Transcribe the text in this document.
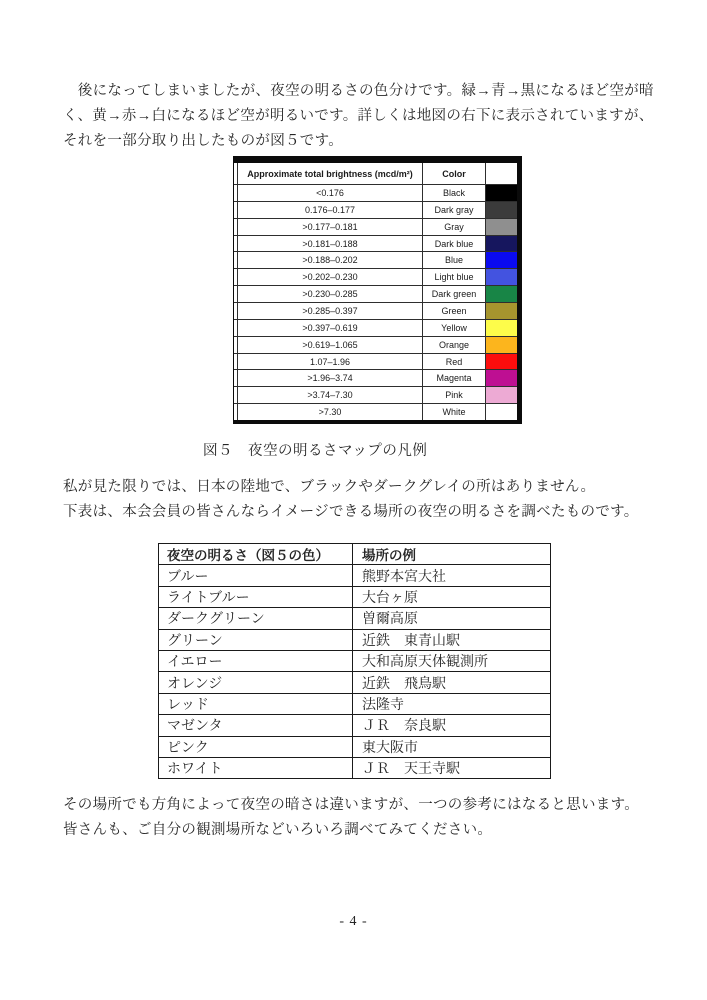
　後になってしまいましたが、夜空の明るさの色分けです。緑→青→黒になるほど空が暗
く、黄→赤→白になるほど空が明るいです。詳しくは地図の右下に表示されていますが、
それを一部分取り出したものが図５です。
Approximate total brightness (mcd/m²)	Color
<0.176	Black
0.176–0.177	Dark gray
>0.177–0.181	Gray
>0.181–0.188	Dark blue
>0.188–0.202	Blue
>0.202–0.230	Light blue
>0.230–0.285	Dark green
>0.285–0.397	Green
>0.397–0.619	Yellow
>0.619–1.065	Orange
1.07–1.96	Red
>1.96–3.74	Magenta
>3.74–7.30	Pink
>7.30	White
図５　夜空の明るさマップの凡例
私が見た限りでは、日本の陸地で、ブラックやダークグレイの所はありません。
下表は、本会会員の皆さんならイメージできる場所の夜空の明るさを調べたものです。
夜空の明るさ（図５の色）	場所の例
ブルー	熊野本宮大社
ライトブルー	大台ヶ原
ダークグリーン	曽爾高原
グリーン	近鉄　東青山駅
イエロー	大和高原天体観測所
オレンジ	近鉄　飛鳥駅
レッド	法隆寺
マゼンタ	ＪＲ　奈良駅
ピンク	東大阪市
ホワイト	ＪＲ　天王寺駅
その場所でも方角によって夜空の暗さは違いますが、一つの参考にはなると思います。
皆さんも、ご自分の観測場所などいろいろ調べてみてください。
- 4 -
